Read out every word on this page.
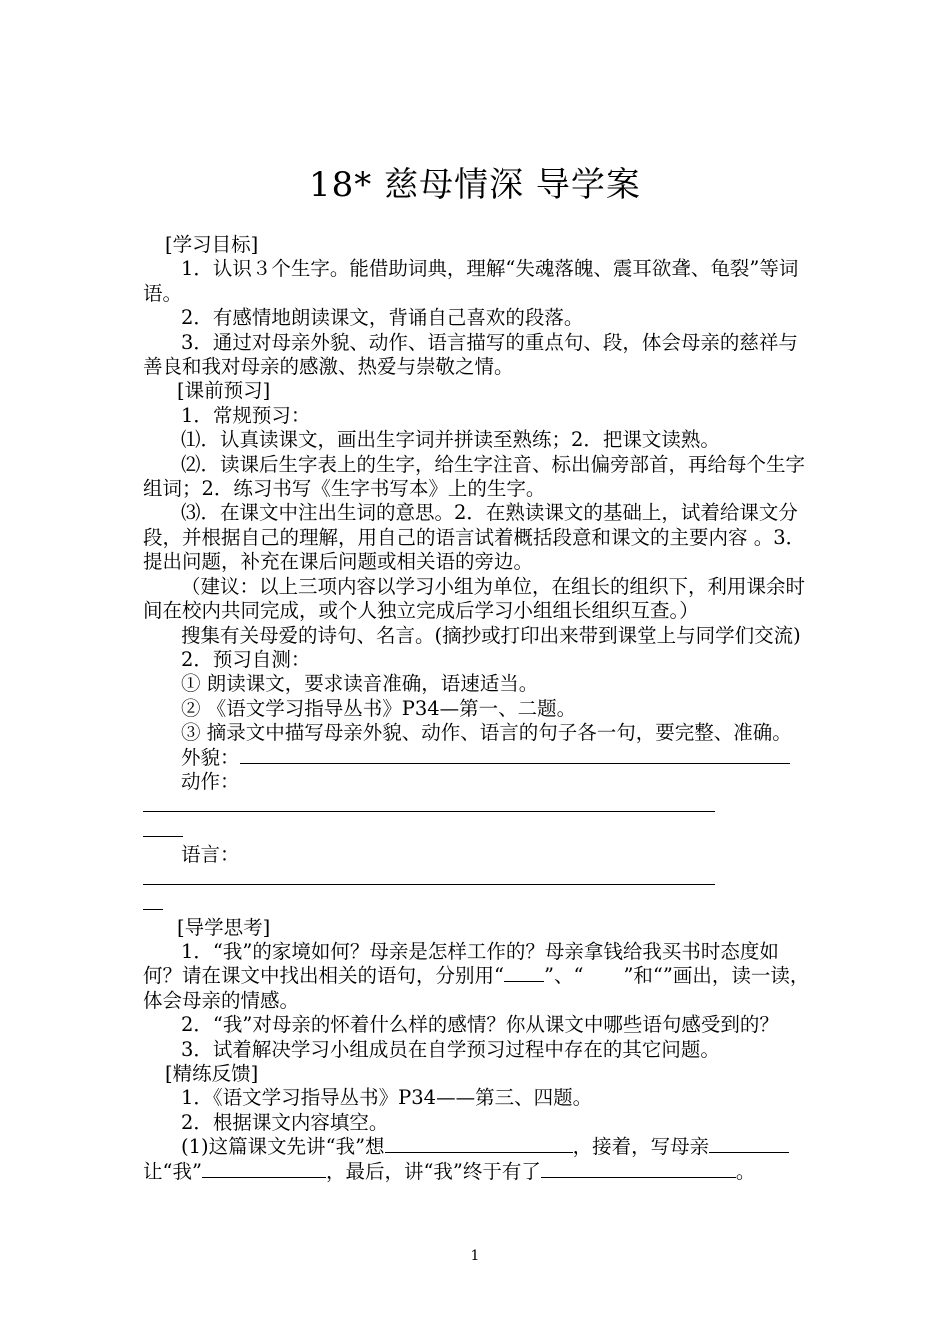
18* 慈母情深 导学案

[学习目标]

1．认识３个生字。能借助词典，理解“失魂落魄、震耳欲聋、龟裂”等词语。

2．有感情地朗读课文，背诵自己喜欢的段落。

3．通过对母亲外貌、动作、语言描写的重点句、段，体会母亲的慈祥与善良和我对母亲的感激、热爱与崇敬之情。

[课前预习]

1．常规预习：

⑴．认真读课文，画出生字词并拼读至熟练；2．把课文读熟。

⑵．读课后生字表上的生字，给生字注音、标出偏旁部首，再给每个生字组词；2．练习书写《生字书写本》上的生字。

⑶．在课文中注出生词的意思。2．在熟读课文的基础上，试着给课文分段，并根据自己的理解，用自己的语言试着概括段意和课文的主要内容 。3．提出问题，补充在课后问题或相关语的旁边。

（建议：以上三项内容以学习小组为单位，在组长的组织下，利用课余时间在校内共同完成，或个人独立完成后学习小组组长组织互查。）

搜集有关母爱的诗句、名言。(摘抄或打印出来带到课堂上与同学们交流)

2．预习自测：

① 朗读课文，要求读音准确，语速适当。

② 《语文学习指导丛书》P34—第一、二题。

③ 摘录文中描写母亲外貌、动作、语言的句子各一句，要完整、准确。

外貌：

动作：

语言：

[导学思考]

1．“我”的家境如何？母亲是怎样工作的？母亲拿钱给我买书时态度如何？请在课文中找出相关的语句，分别用“ ”、“ ”和“”画出，读一读，体会母亲的情感。

2．“我”对母亲的怀着什么样的感情？你从课文中哪些语句感受到的？

3．试着解决学习小组成员在自学预习过程中存在的其它问题。

[精练反馈]

1．《语文学习指导丛书》P34——第三、四题。

2．根据课文内容填空。

(1)这篇课文先讲“我”想	，接着，写母亲让“我”	，最后，讲“我”终于有了	。

1
